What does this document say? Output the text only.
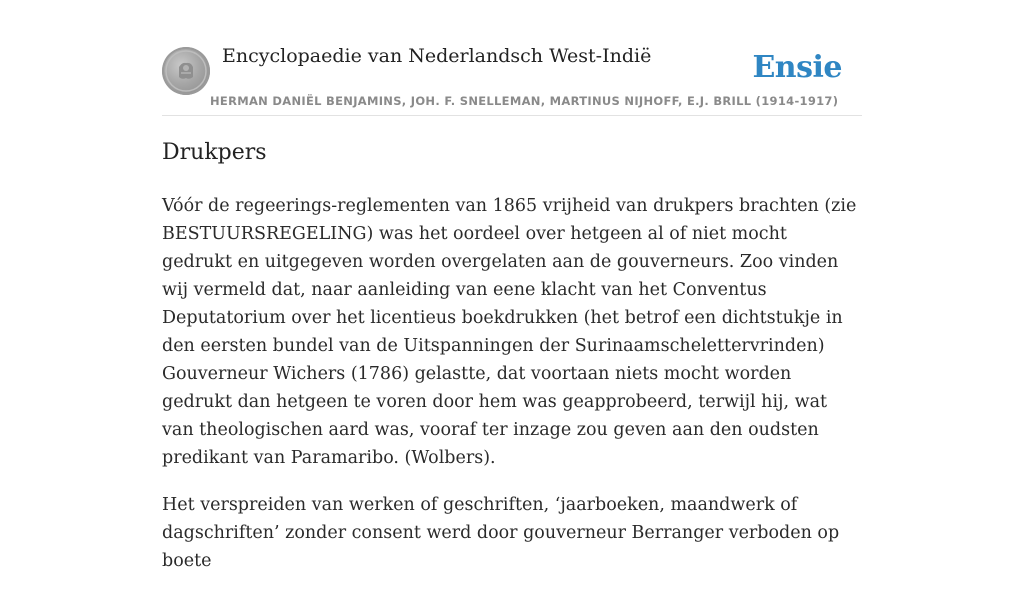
Encyclopaedie van Nederlandsch West-Indië	Ensie
HERMAN DANIËL BENJAMINS, JOH. F. SNELLEMAN, MARTINUS NIJHOFF, E.J. BRILL (1914-1917)
Drukpers

Vóór de regeerings-reglementen van 1865 vrijheid van drukpers brachten (zie BESTUURSREGELING) was het oordeel over hetgeen al of niet mocht gedrukt en uitgegeven worden overgelaten aan de gouverneurs. Zoo vinden wij vermeld dat, naar aanleiding van eene klacht van het Conventus Deputatorium over het licentieus boekdrukken (het betrof een dichtstukje in den eersten bundel van de Uitspanningen der Surinaamschelettervrinden) Gouverneur Wichers (1786) gelastte, dat voortaan niets mocht worden gedrukt dan hetgeen te voren door hem was geapprobeerd, terwijl hij, wat van theologischen aard was, vooraf ter inzage zou geven aan den oudsten predikant van Paramaribo. (Wolbers).

Het verspreiden van werken of geschriften, ‘jaarboeken, maandwerk of dagschriften’ zonder consent werd door gouverneur Berranger verboden op boete
